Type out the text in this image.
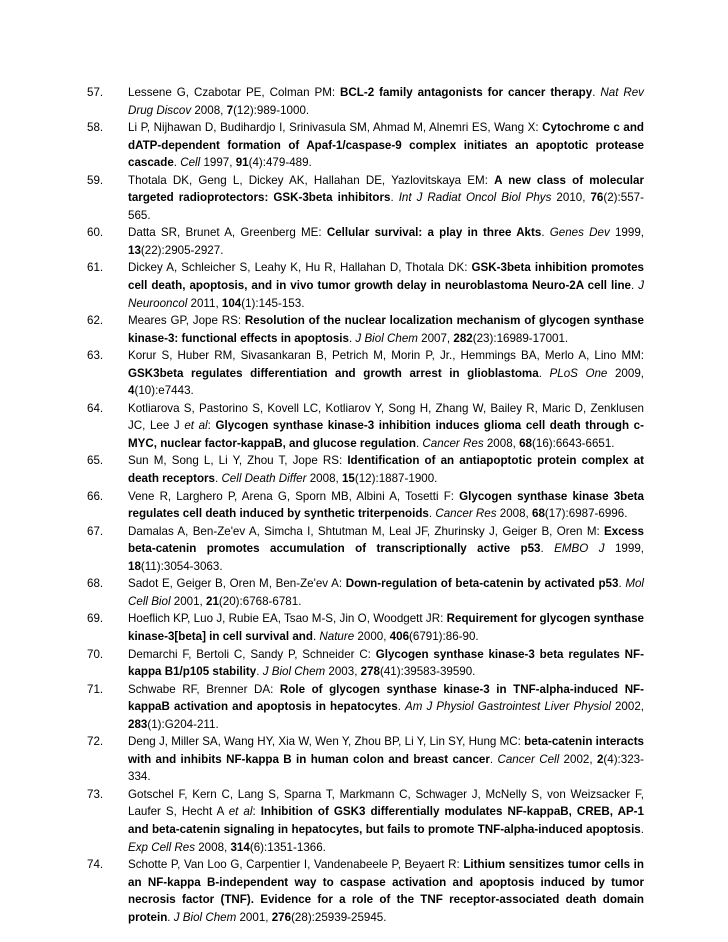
57.	Lessene G, Czabotar PE, Colman PM: BCL-2 family antagonists for cancer therapy. Nat Rev Drug Discov 2008, 7(12):989-1000.
58.	Li P, Nijhawan D, Budihardjo I, Srinivasula SM, Ahmad M, Alnemri ES, Wang X: Cytochrome c and dATP-dependent formation of Apaf-1/caspase-9 complex initiates an apoptotic protease cascade. Cell 1997, 91(4):479-489.
59.	Thotala DK, Geng L, Dickey AK, Hallahan DE, Yazlovitskaya EM: A new class of molecular targeted radioprotectors: GSK-3beta inhibitors. Int J Radiat Oncol Biol Phys 2010, 76(2):557-565.
60.	Datta SR, Brunet A, Greenberg ME: Cellular survival: a play in three Akts. Genes Dev 1999, 13(22):2905-2927.
61.	Dickey A, Schleicher S, Leahy K, Hu R, Hallahan D, Thotala DK: GSK-3beta inhibition promotes cell death, apoptosis, and in vivo tumor growth delay in neuroblastoma Neuro-2A cell line. J Neurooncol 2011, 104(1):145-153.
62.	Meares GP, Jope RS: Resolution of the nuclear localization mechanism of glycogen synthase kinase-3: functional effects in apoptosis. J Biol Chem 2007, 282(23):16989-17001.
63.	Korur S, Huber RM, Sivasankaran B, Petrich M, Morin P, Jr., Hemmings BA, Merlo A, Lino MM: GSK3beta regulates differentiation and growth arrest in glioblastoma. PLoS One 2009, 4(10):e7443.
64.	Kotliarova S, Pastorino S, Kovell LC, Kotliarov Y, Song H, Zhang W, Bailey R, Maric D, Zenklusen JC, Lee J et al: Glycogen synthase kinase-3 inhibition induces glioma cell death through c-MYC, nuclear factor-kappaB, and glucose regulation. Cancer Res 2008, 68(16):6643-6651.
65.	Sun M, Song L, Li Y, Zhou T, Jope RS: Identification of an antiapoptotic protein complex at death receptors. Cell Death Differ 2008, 15(12):1887-1900.
66.	Vene R, Larghero P, Arena G, Sporn MB, Albini A, Tosetti F: Glycogen synthase kinase 3beta regulates cell death induced by synthetic triterpenoids. Cancer Res 2008, 68(17):6987-6996.
67.	Damalas A, Ben-Ze'ev A, Simcha I, Shtutman M, Leal JF, Zhurinsky J, Geiger B, Oren M: Excess beta-catenin promotes accumulation of transcriptionally active p53. EMBO J 1999, 18(11):3054-3063.
68.	Sadot E, Geiger B, Oren M, Ben-Ze'ev A: Down-regulation of beta-catenin by activated p53. Mol Cell Biol 2001, 21(20):6768-6781.
69.	Hoeflich KP, Luo J, Rubie EA, Tsao M-S, Jin O, Woodgett JR: Requirement for glycogen synthase kinase-3[beta] in cell survival and. Nature 2000, 406(6791):86-90.
70.	Demarchi F, Bertoli C, Sandy P, Schneider C: Glycogen synthase kinase-3 beta regulates NF-kappa B1/p105 stability. J Biol Chem 2003, 278(41):39583-39590.
71.	Schwabe RF, Brenner DA: Role of glycogen synthase kinase-3 in TNF-alpha-induced NF-kappaB activation and apoptosis in hepatocytes. Am J Physiol Gastrointest Liver Physiol 2002, 283(1):G204-211.
72.	Deng J, Miller SA, Wang HY, Xia W, Wen Y, Zhou BP, Li Y, Lin SY, Hung MC: beta-catenin interacts with and inhibits NF-kappa B in human colon and breast cancer. Cancer Cell 2002, 2(4):323-334.
73.	Gotschel F, Kern C, Lang S, Sparna T, Markmann C, Schwager J, McNelly S, von Weizsacker F, Laufer S, Hecht A et al: Inhibition of GSK3 differentially modulates NF-kappaB, CREB, AP-1 and beta-catenin signaling in hepatocytes, but fails to promote TNF-alpha-induced apoptosis. Exp Cell Res 2008, 314(6):1351-1366.
74.	Schotte P, Van Loo G, Carpentier I, Vandenabeele P, Beyaert R: Lithium sensitizes tumor cells in an NF-kappa B-independent way to caspase activation and apoptosis induced by tumor necrosis factor (TNF). Evidence for a role of the TNF receptor-associated death domain protein. J Biol Chem 2001, 276(28):25939-25945.
